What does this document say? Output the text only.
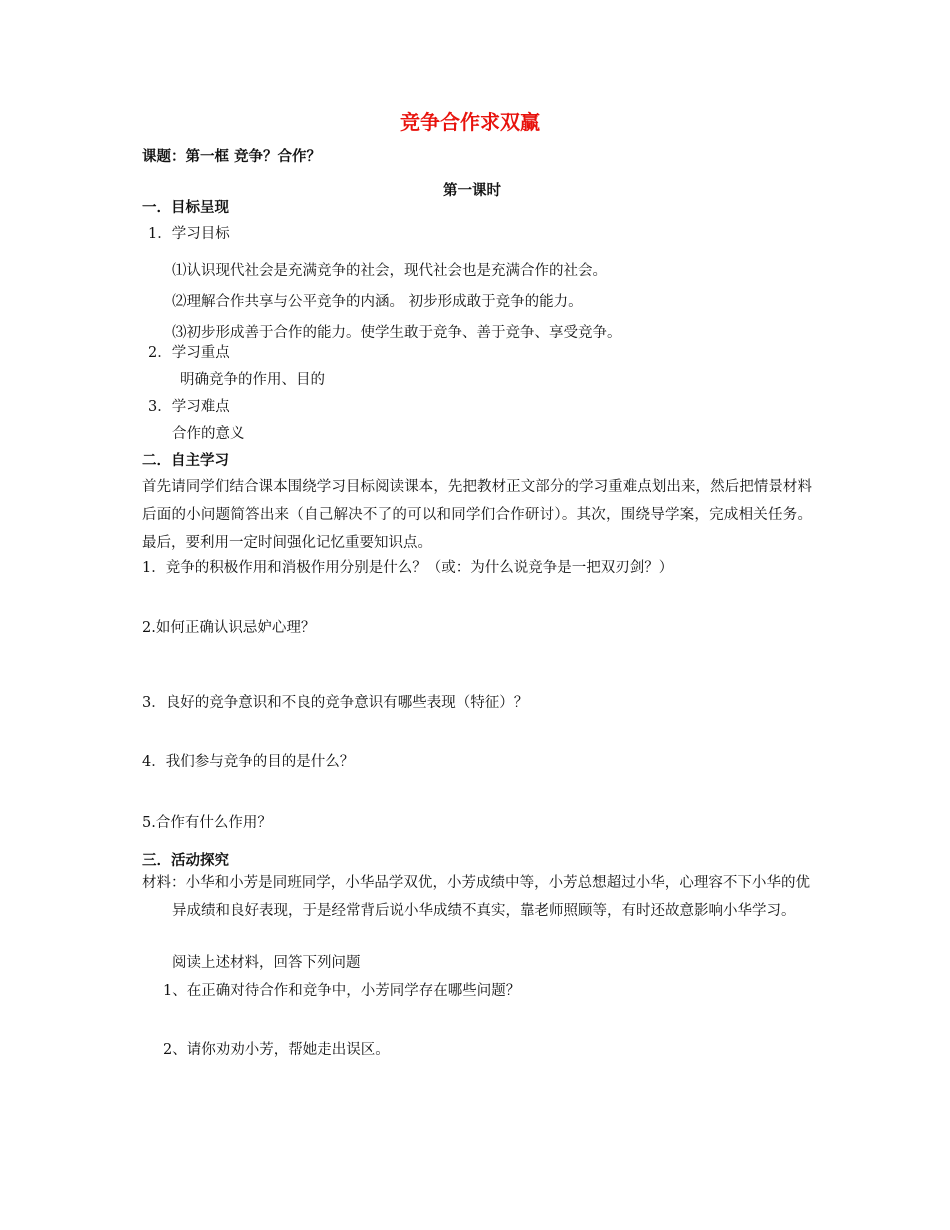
竞争合作求双赢
课题：第一框 竞争？合作？
第一课时
一．目标呈现
1．学习目标
⑴认识现代社会是充满竞争的社会，现代社会也是充满合作的社会。
⑵理解合作共享与公平竞争的内涵。 初步形成敢于竞争的能力。
⑶初步形成善于合作的能力。使学生敢于竞争、善于竞争、享受竞争。
2．学习重点
明确竞争的作用、目的
3．学习难点
合作的意义
二．自主学习
首先请同学们结合课本围绕学习目标阅读课本，先把教材正文部分的学习重难点划出来，然后把情景材料后面的小问题简答出来（自己解决不了的可以和同学们合作研讨）。其次，围绕导学案，完成相关任务。最后，要利用一定时间强化记忆重要知识点。
1．竞争的积极作用和消极作用分别是什么？（或：为什么说竞争是一把双刃剑？）
2.如何正确认识忌妒心理？
3．良好的竞争意识和不良的竞争意识有哪些表现（特征）？
4．我们参与竞争的目的是什么？
5.合作有什么作用？
三．活动探究
材料：小华和小芳是同班同学，小华品学双优，小芳成绩中等，小芳总想超过小华，心理容不下小华的优异成绩和良好表现，于是经常背后说小华成绩不真实，靠老师照顾等，有时还故意影响小华学习。
阅读上述材料，回答下列问题
1、在正确对待合作和竞争中，小芳同学存在哪些问题？
2、请你劝劝小芳，帮她走出误区。
